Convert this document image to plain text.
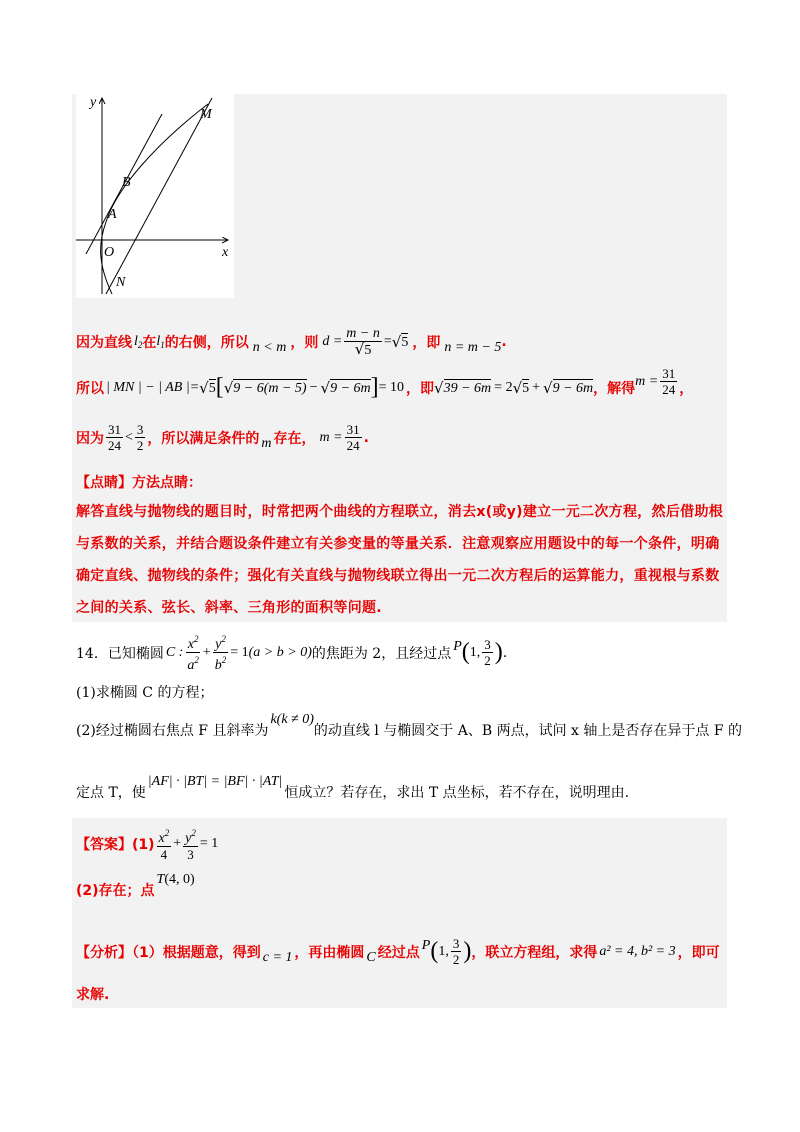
y
M
B
A
O	x
N
因为直线 $l_2$ 在 $l_1$ 的右侧，所以 n < m ，则 $d = \frac{m - n}{√5}$ = √ 5 ，即 n = m − 5 .
所以 | MN | − | AB |= √ 5 [ √ 9 − 6(m − 5) − √ 9 − 6m ] = 10 ，即 √ 39 − 6m = 2 √ 5 + √ 9 − 6m ，解得 $m = \frac{31}{24}$ ，
因为 $\frac{31}{24} < \frac{3}{2}$ ，所以满足条件的 m 存在， $m = \frac{31}{24}$ .
【点睛】方法点睛：
解答直线与抛物线的题目时，时常把两个曲线的方程联立，消去x(或y)建立一元二次方程，然后借助根与系数的关系，并结合题设条件建立有关参变量的等量关系．注意观察应用题设中的每一个条件，明确确定直线、抛物线的条件；强化有关直线与抛物线联立得出一元二次方程后的运算能力，重视根与系数之间的关系、弦长、斜率、三角形的面积等问题.
14． 已知椭圆 C : $\frac{x^2}{a^2} + \frac{y^2}{b^2} = 1$ (a > b > 0) 的焦距为 2，且经过点 P ( 1, $\frac{3}{2}$ ) .
(1)求椭圆 C 的方程；
(2)经过椭圆右焦点 F 且斜率为
k (k ≠ 0)
的动直线 l 与椭圆交于 A、B 两点，试问 x 轴上是否存在异于点 F 的
定点 T，使
|AF| · |BT| = |BF| · |AT|
恒成立？若存在，求出 T 点坐标，若不存在，说明理由.
【答案】$(1) \frac{x^2}{4} + \frac{y^2}{3} = 1$
(2)存在；点
T (4, 0)
【分析】（1）根据题意，得到 c = 1 ，再由椭圆 C 经过点 P ( 1, $\frac{3}{2}$ ) ，联立方程组，求得 a² = 4, b² = 3 ，即可
求解.
